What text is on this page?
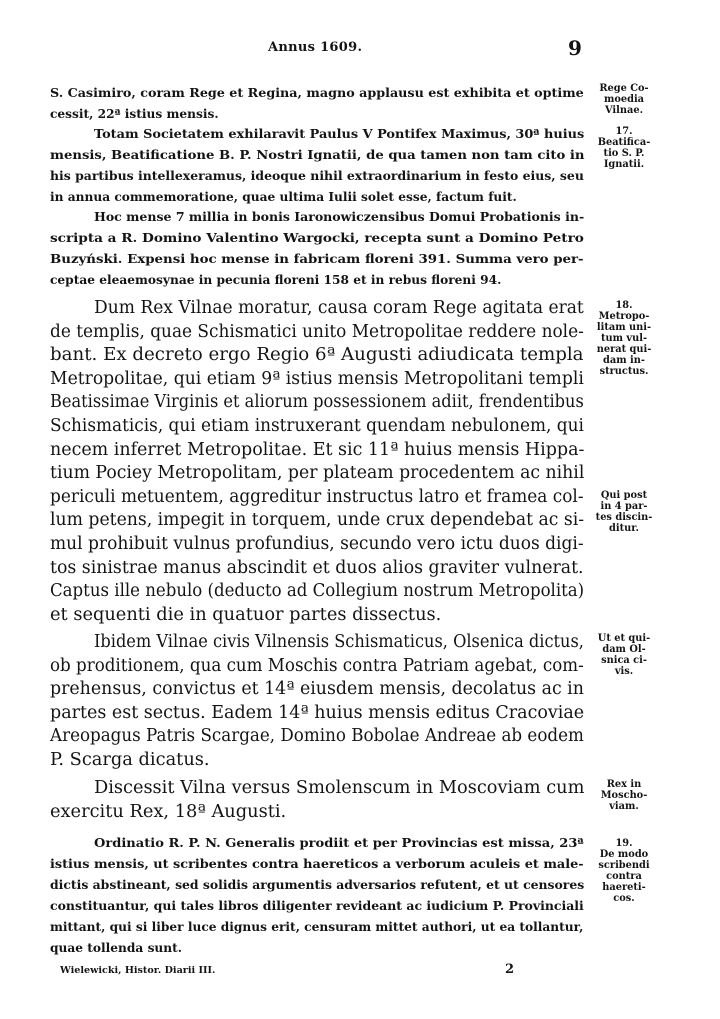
Annus 1609.	9
S. Casimiro, coram Rege et Regina, magno applausu est exhibita et optime
cessit, 22ª istius mensis.
Totam Societatem exhilaravit Paulus V Pontifex Maximus, 30ª huius
mensis, Beatificatione B. P. Nostri Ignatii, de qua tamen non tam cito in
his partibus intellexeramus, ideoque nihil extraordinarium in festo eius, seu
in annua commemoratione, quae ultima Iulii solet esse, factum fuit.
Hoc mense 7 millia in bonis Iaronowiczensibus Domui Probationis in-
scripta a R. Domino Valentino Wargocki, recepta sunt a Domino Petro
Buzyński. Expensi hoc mense in fabricam floreni 391. Summa vero per-
ceptae eleaemosynae in pecunia floreni 158 et in rebus floreni 94.
Dum Rex Vilnae moratur, causa coram Rege agitata erat
de templis, quae Schismatici unito Metropolitae reddere nole-
bant. Ex decreto ergo Regio 6ª Augusti adiudicata templa
Metropolitae, qui etiam 9ª istius mensis Metropolitani templi
Beatissimae Virginis et aliorum possessionem adiit, frendentibus
Schismaticis, qui etiam instruxerant quendam nebulonem, qui
necem inferret Metropolitae. Et sic 11ª huius mensis Hippa-
tium Pociey Metropolitam, per plateam procedentem ac nihil
periculi metuentem, aggreditur instructus latro et framea col-
lum petens, impegit in torquem, unde crux dependebat ac si-
mul prohibuit vulnus profundius, secundo vero ictu duos digi-
tos sinistrae manus abscindit et duos alios graviter vulnerat.
Captus ille nebulo (deducto ad Collegium nostrum Metropolita)
et sequenti die in quatuor partes dissectus.
Ibidem Vilnae civis Vilnensis Schismaticus, Olsenica dictus,
ob proditionem, qua cum Moschis contra Patriam agebat, com-
prehensus, convictus et 14ª eiusdem mensis, decolatus ac in
partes est sectus. Eadem 14ª huius mensis editus Cracoviae
Areopagus Patris Scargae, Domino Bobolae Andreae ab eodem
P. Scarga dicatus.
Discessit Vilna versus Smolenscum in Moscoviam cum
exercitu Rex, 18ª Augusti.
Ordinatio R. P. N. Generalis prodiit et per Provincias est missa, 23ª
istius mensis, ut scribentes contra haereticos a verborum aculeis et male-
dictis abstineant, sed solidis argumentis adversarios refutent, et ut censores
constituantur, qui tales libros diligenter revideant ac iudicium P. Provinciali
mittant, qui si liber luce dignus erit, censuram mittet authori, ut ea tollantur,
quae tollenda sunt.
Rege Co-
moedia
Vilnae.
17.
Beatifica-
tio S. P.
Ignatii.
18.
Metropo-
litam uni-
tum vul-
nerat qui-
dam in-
structus.
Qui post
in 4 par-
tes discin-
ditur.
Ut et qui-
dam Ol-
snica ci-
vis.
Rex in
Moscho-
viam.
19.
De modo
scribendi
contra
haereti-
cos.
Wielewicki, Histor. Diarii III.	2
